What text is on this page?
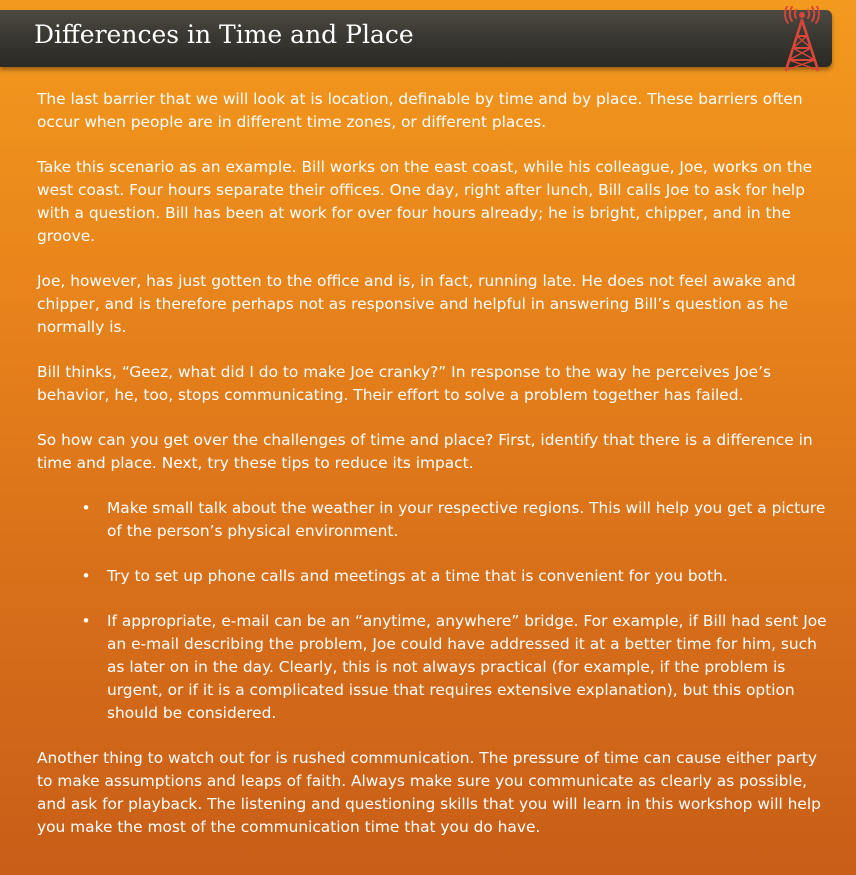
Differences in Time and Place

The last barrier that we will look at is location, definable by time and by place. These barriers often occur when people are in different time zones, or different places.

Take this scenario as an example. Bill works on the east coast, while his colleague, Joe, works on the west coast. Four hours separate their offices. One day, right after lunch, Bill calls Joe to ask for help with a question. Bill has been at work for over four hours already; he is bright, chipper, and in the groove.

Joe, however, has just gotten to the office and is, in fact, running late. He does not feel awake and chipper, and is therefore perhaps not as responsive and helpful in answering Bill’s question as he normally is.

Bill thinks, “Geez, what did I do to make Joe cranky?” In response to the way he perceives Joe’s behavior, he, too, stops communicating. Their effort to solve a problem together has failed.

So how can you get over the challenges of time and place? First, identify that there is a difference in time and place. Next, try these tips to reduce its impact.

• Make small talk about the weather in your respective regions. This will help you get a picture of the person’s physical environment.
• Try to set up phone calls and meetings at a time that is convenient for you both.
• If appropriate, e-mail can be an “anytime, anywhere” bridge. For example, if Bill had sent Joe an e-mail describing the problem, Joe could have addressed it at a better time for him, such as later on in the day. Clearly, this is not always practical (for example, if the problem is urgent, or if it is a complicated issue that requires extensive explanation), but this option should be considered.

Another thing to watch out for is rushed communication. The pressure of time can cause either party to make assumptions and leaps of faith. Always make sure you communicate as clearly as possible, and ask for playback. The listening and questioning skills that you will learn in this workshop will help you make the most of the communication time that you do have.
